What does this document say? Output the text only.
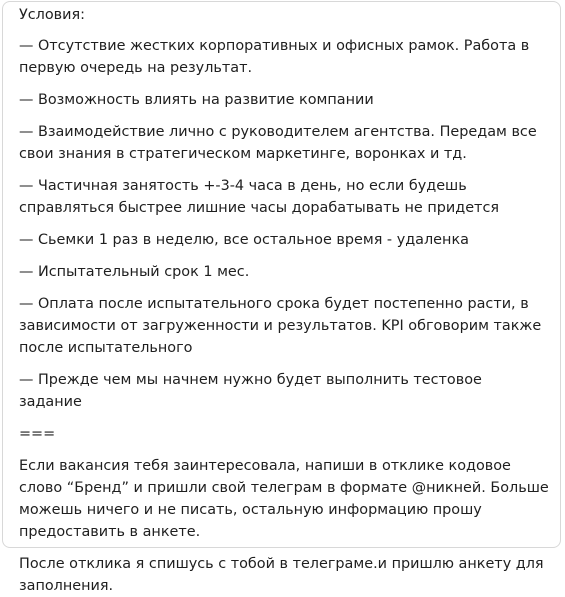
Условия:

— Отсутствие жестких корпоративных и офисных рамок. Работа в первую очередь на результат.

— Возможность влиять на развитие компании

— Взаимодействие лично с руководителем агентства. Передам все свои знания в стратегическом маркетинге, воронках и тд.

— Частичная занятость +-3-4 часа в день, но если будешь справляться быстрее лишние часы дорабатывать не придется

— Сьемки 1 раз в неделю, все остальное время - удаленка

— Испытательный срок 1 мес.

— Оплата после испытательного срока будет постепенно расти, в зависимости от загруженности и результатов. KPI обговорим также после испытательного

— Прежде чем мы начнем нужно будет выполнить тестовое задание

===

Если вакансия тебя заинтересовала, напиши в отклике кодовое слово “Бренд” и пришли свой телеграм в формате @никней. Больше можешь ничего и не писать, остальную информацию прошу предоставить в анкете.

После отклика я спишусь с тобой в телеграме.и пришлю анкету для заполнения.
